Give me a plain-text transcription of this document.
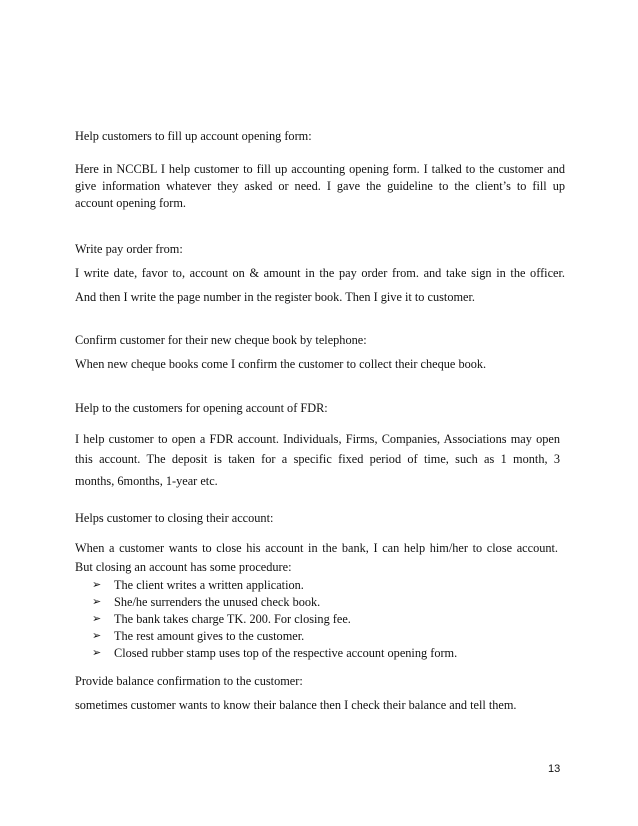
Help customers to fill up account opening form:
Here in NCCBL I help customer to fill up accounting opening form. I talked to the customer and
give information whatever they asked or need. I gave the guideline to the client’s to fill up
account opening form.
Write pay order from:
I write date, favor to, account on & amount in the pay order from. and take sign in the officer.
And then I write the page number in the register book. Then I give it to customer.
Confirm customer for their new cheque book by telephone:
When new cheque books come I confirm the customer to collect their cheque book.
Help to the customers for opening account of FDR:
I help customer to open a FDR account. Individuals, Firms, Companies, Associations may open
this account. The deposit is taken for a specific fixed period of time, such as 1 month, 3
months, 6months, 1-year etc.
Helps customer to closing their account:
When a customer wants to close his account in the bank, I can help him/her to close account.
But closing an account has some procedure:
➢ The client writes a written application.
➢ She/he surrenders the unused check book.
➢ The bank takes charge TK. 200. For closing fee.
➢ The rest amount gives to the customer.
➢ Closed rubber stamp uses top of the respective account opening form.
Provide balance confirmation to the customer:
sometimes customer wants to know their balance then I check their balance and tell them.
13
